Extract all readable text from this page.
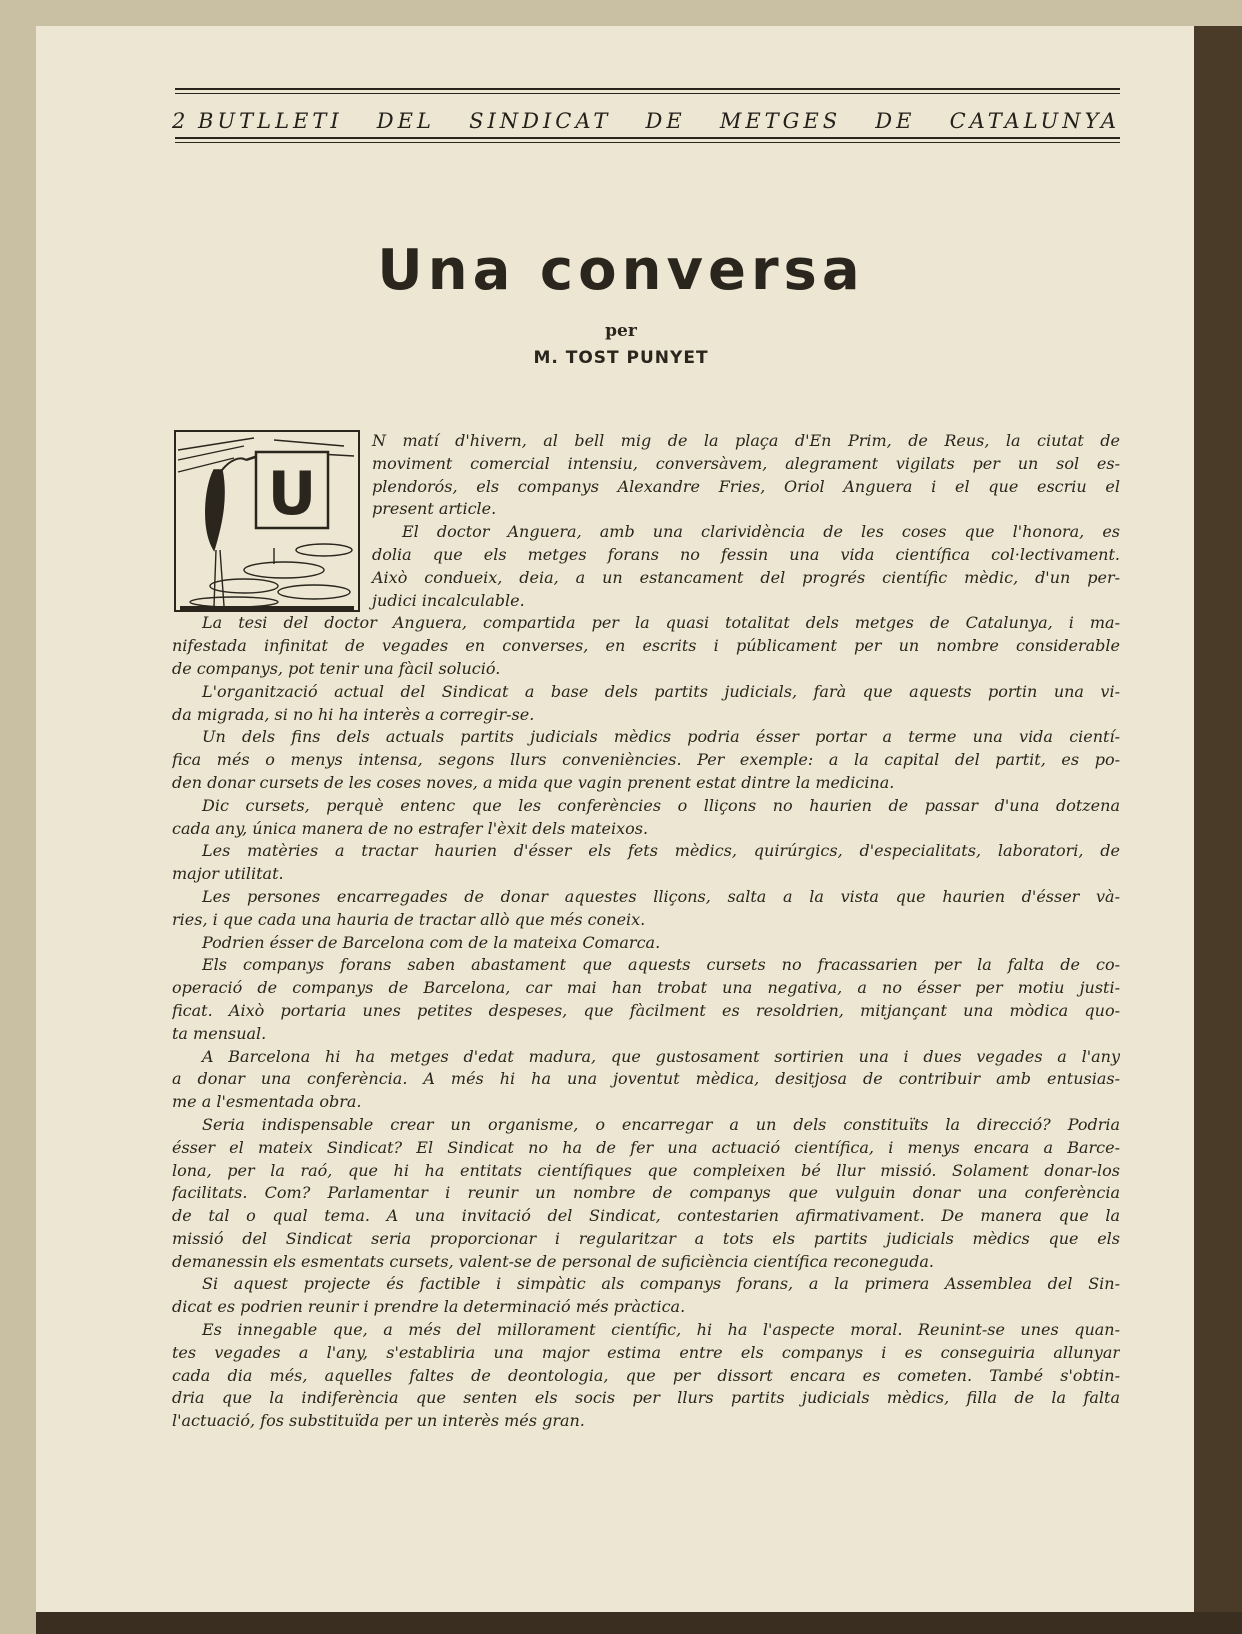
2 BUTLLETI DEL SINDICAT DE METGES DE CATALUNYA
Una conversa
per
M. TOST PUNYET
U
N matí d'hivern, al bell mig de la plaça d'En Prim, de Reus, la ciutat de
moviment comercial intensiu, conversàvem, alegrament vigilats per un sol es-
plendorós, els companys Alexandre Fries, Oriol Anguera i el que escriu el
present article.
El doctor Anguera, amb una clarividència de les coses que l'honora, es
dolia que els metges forans no fessin una vida científica col·lectivament.
Això condueix, deia, a un estancament del progrés científic mèdic, d'un per-
judici incalculable.
La tesi del doctor Anguera, compartida per la quasi totalitat dels metges de Catalunya, i ma-
nifestada infinitat de vegades en converses, en escrits i públicament per un nombre considerable
de companys, pot tenir una fàcil solució.
L'organització actual del Sindicat a base dels partits judicials, farà que aquests portin una vi-
da migrada, si no hi ha interès a corregir-se.
Un dels fins dels actuals partits judicials mèdics podria ésser portar a terme una vida cientí-
fica més o menys intensa, segons llurs conveniències. Per exemple: a la capital del partit, es po-
den donar cursets de les coses noves, a mida que vagin prenent estat dintre la medicina.
Dic cursets, perquè entenc que les conferències o lliçons no haurien de passar d'una dotzena
cada any, única manera de no estrafer l'èxit dels mateixos.
Les matèries a tractar haurien d'ésser els fets mèdics, quirúrgics, d'especialitats, laboratori, de
major utilitat.
Les persones encarregades de donar aquestes lliçons, salta a la vista que haurien d'ésser và-
ries, i que cada una hauria de tractar allò que més coneix.
Podrien ésser de Barcelona com de la mateixa Comarca.
Els companys forans saben abastament que aquests cursets no fracassarien per la falta de co-
operació de companys de Barcelona, car mai han trobat una negativa, a no ésser per motiu justi-
ficat. Això portaria unes petites despeses, que fàcilment es resoldrien, mitjançant una mòdica quo-
ta mensual.
A Barcelona hi ha metges d'edat madura, que gustosament sortirien una i dues vegades a l'any
a donar una conferència. A més hi ha una joventut mèdica, desitjosa de contribuir amb entusias-
me a l'esmentada obra.
Seria indispensable crear un organisme, o encarregar a un dels constituïts la direcció? Podria
ésser el mateix Sindicat? El Sindicat no ha de fer una actuació científica, i menys encara a Barce-
lona, per la raó, que hi ha entitats científiques que compleixen bé llur missió. Solament donar-los
facilitats. Com? Parlamentar i reunir un nombre de companys que vulguin donar una conferència
de tal o qual tema. A una invitació del Sindicat, contestarien afirmativament. De manera que la
missió del Sindicat seria proporcionar i regularitzar a tots els partits judicials mèdics que els
demanessin els esmentats cursets, valent-se de personal de suficiència científica reconeguda.
Si aquest projecte és factible i simpàtic als companys forans, a la primera Assemblea del Sin-
dicat es podrien reunir i prendre la determinació més pràctica.
Es innegable que, a més del millorament científic, hi ha l'aspecte moral. Reunint-se unes quan-
tes vegades a l'any, s'establiria una major estima entre els companys i es conseguiria allunyar
cada dia més, aquelles faltes de deontologia, que per dissort encara es cometen. També s'obtin-
dria que la indiferència que senten els socis per llurs partits judicials mèdics, filla de la falta
l'actuació, fos substituïda per un interès més gran.
